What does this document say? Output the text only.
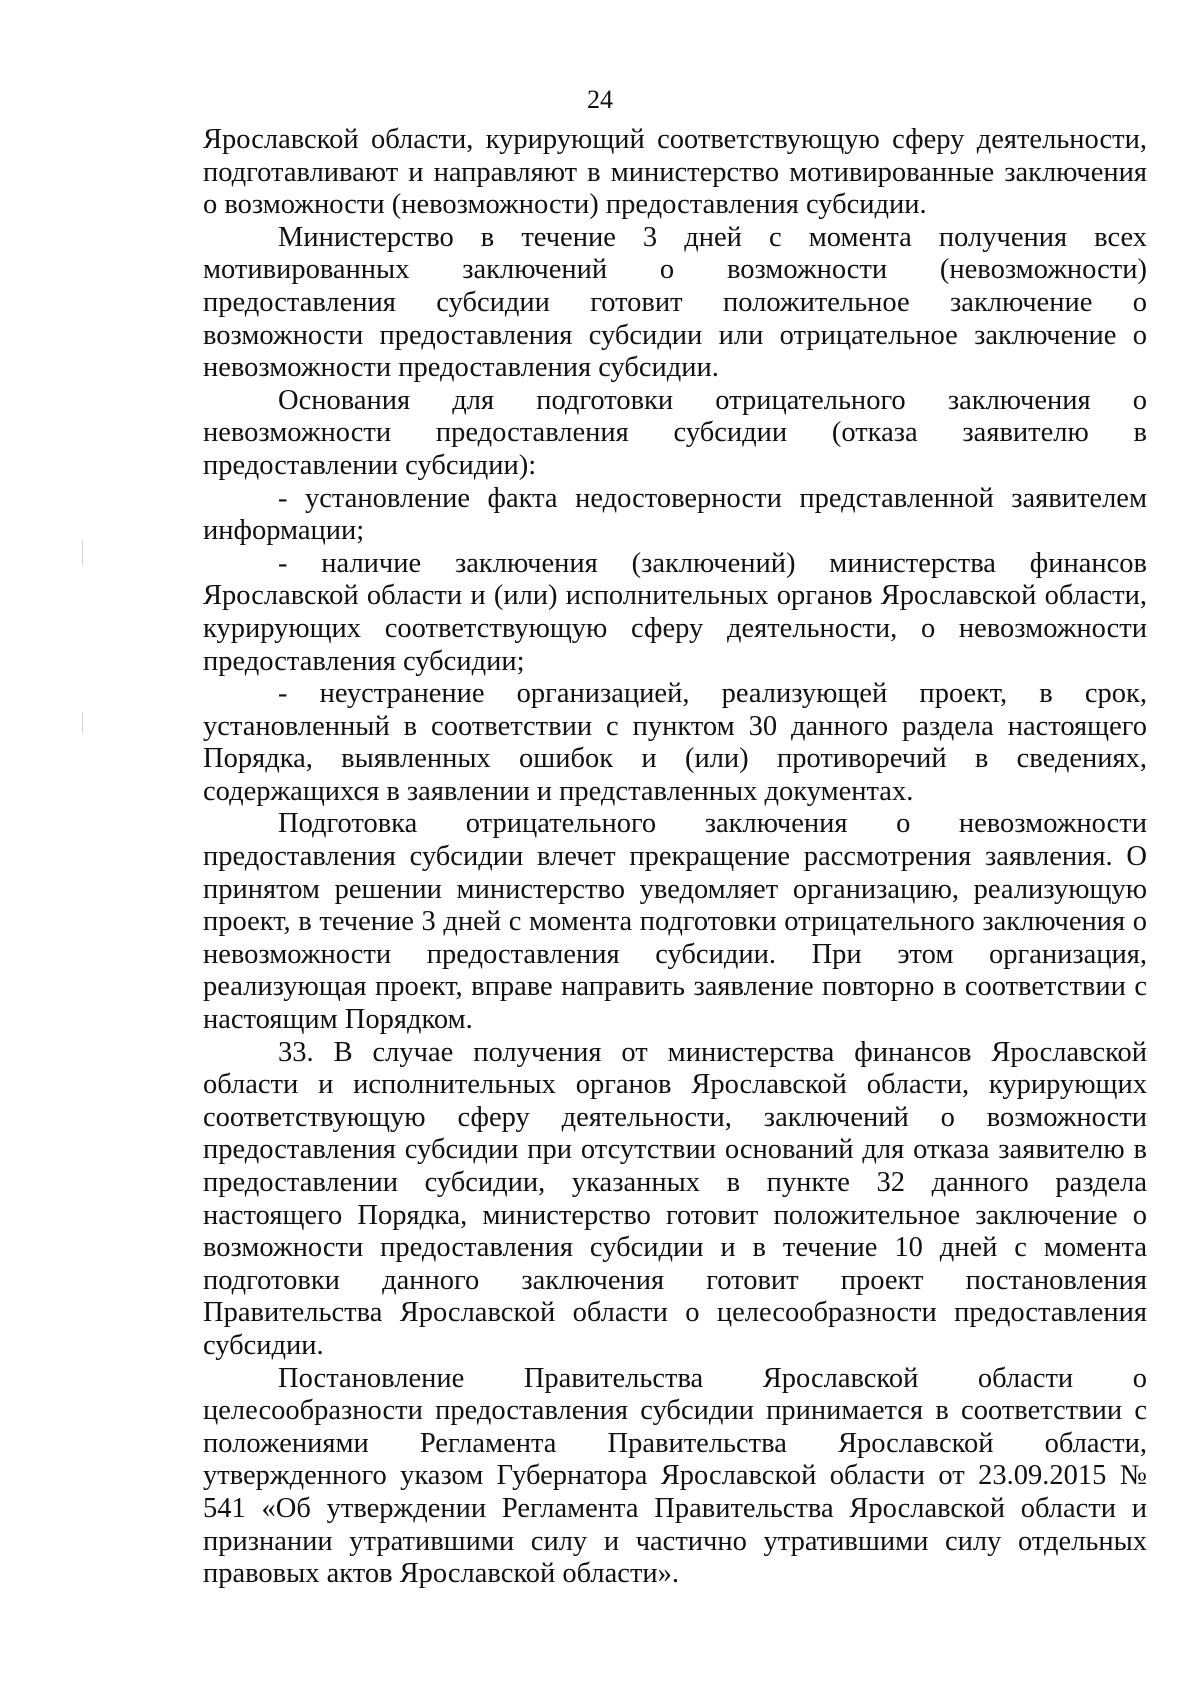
24

Ярославской области, курирующий соответствующую сферу деятельности, подготавливают и направляют в министерство мотивированные заключения о возможности (невозможности) предоставления субсидии.

Министерство в течение 3 дней с момента получения всех мотивированных заключений о возможности (невозможности) предоставления субсидии готовит положительное заключение о возможности предоставления субсидии или отрицательное заключение о невозможности предоставления субсидии.

Основания для подготовки отрицательного заключения о невозможности предоставления субсидии (отказа заявителю в предоставлении субсидии):

- установление факта недостоверности представленной заявителем информации;

- наличие заключения (заключений) министерства финансов Ярославской области и (или) исполнительных органов Ярославской области, курирующих соответствующую сферу деятельности, о невозможности предоставления субсидии;

- неустранение организацией, реализующей проект, в срок, установленный в соответствии с пунктом 30 данного раздела настоящего Порядка, выявленных ошибок и (или) противоречий в сведениях, содержащихся в заявлении и представленных документах.

Подготовка отрицательного заключения о невозможности предоставления субсидии влечет прекращение рассмотрения заявления. О принятом решении министерство уведомляет организацию, реализующую проект, в течение 3 дней с момента подготовки отрицательного заключения о невозможности предоставления субсидии. При этом организация, реализующая проект, вправе направить заявление повторно в соответствии с настоящим Порядком.

33. В случае получения от министерства финансов Ярославской области и исполнительных органов Ярославской области, курирующих соответствующую сферу деятельности, заключений о возможности предоставления субсидии при отсутствии оснований для отказа заявителю в предоставлении субсидии, указанных в пункте 32 данного раздела настоящего Порядка, министерство готовит положительное заключение о возможности предоставления субсидии и в течение 10 дней с момента подготовки данного заключения готовит проект постановления Правительства Ярославской области о целесообразности предоставления субсидии.

Постановление Правительства Ярославской области о целесообразности предоставления субсидии принимается в соответствии с положениями Регламента Правительства Ярославской области, утвержденного указом Губернатора Ярославской области от 23.09.2015 № 541 «Об утверждении Регламента Правительства Ярославской области и признании утратившими силу и частично утратившими силу отдельных правовых актов Ярославской области».
